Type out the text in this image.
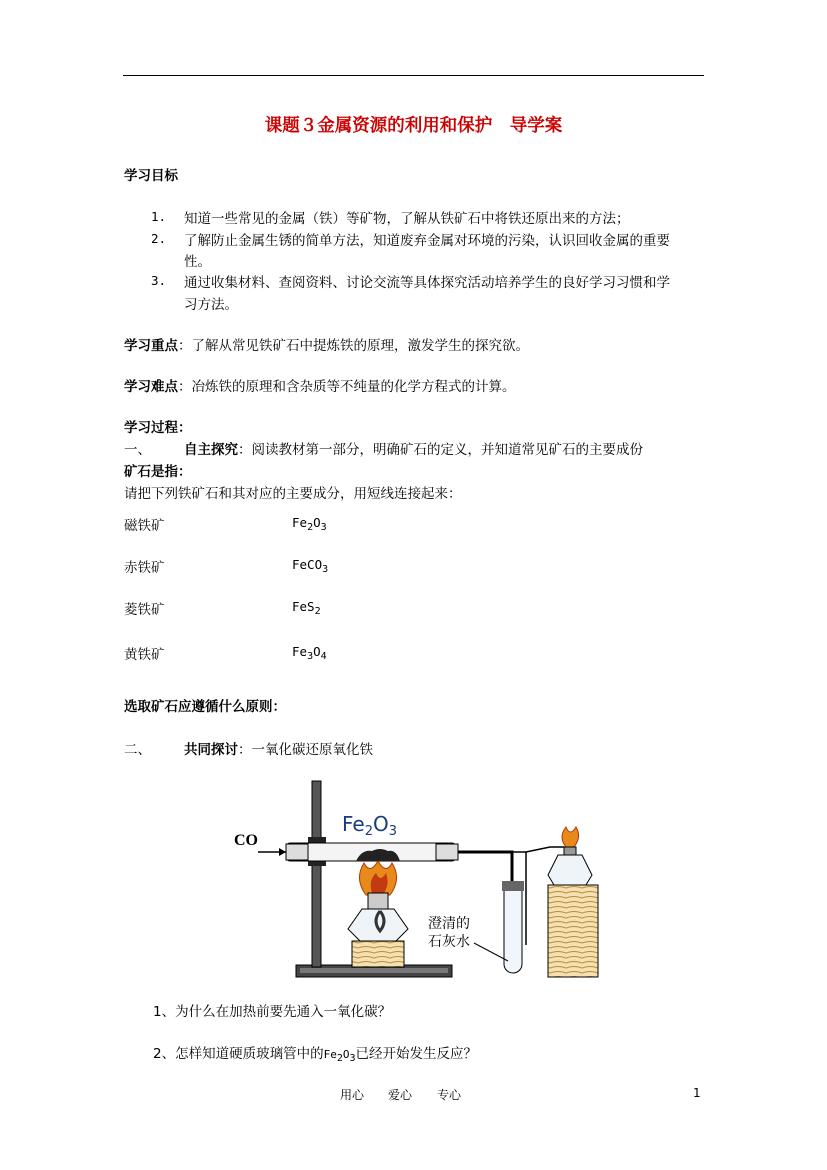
课题３金属资源的利用和保护　导学案
学习目标
1. 知道一些常见的金属（铁）等矿物，了解从铁矿石中将铁还原出来的方法；
2. 了解防止金属生锈的简单方法，知道废弃金属对环境的污染，认识回收金属的重要
性。
3. 通过收集材料、查阅资料、讨论交流等具体探究活动培养学生的良好学习习惯和学
习方法。
学习重点：了解从常见铁矿石中提炼铁的原理，激发学生的探究欲。
学习难点：冶炼铁的原理和含杂质等不纯量的化学方程式的计算。
学习过程：
一、 自主探究：阅读教材第一部分，明确矿石的定义，并知道常见矿石的主要成份
矿石是指：
请把下列铁矿石和其对应的主要成分，用短线连接起来：
磁铁矿	$Fe_2O_3$
赤铁矿	FeCO$_3$
菱铁矿	FeS$_2$
黄铁矿	$Fe_3O_4$
选取矿石应遵循什么原则：
二、 共同探讨：一氧化碳还原氧化铁
CO
$Fe_2O_3$
澄清的 石灰水
1、为什么在加热前要先通入一氧化碳？
2、怎样知道硬质玻璃管中的$Fe_2O_3$已经开始发生反应？
用心 爱心 专心	1
